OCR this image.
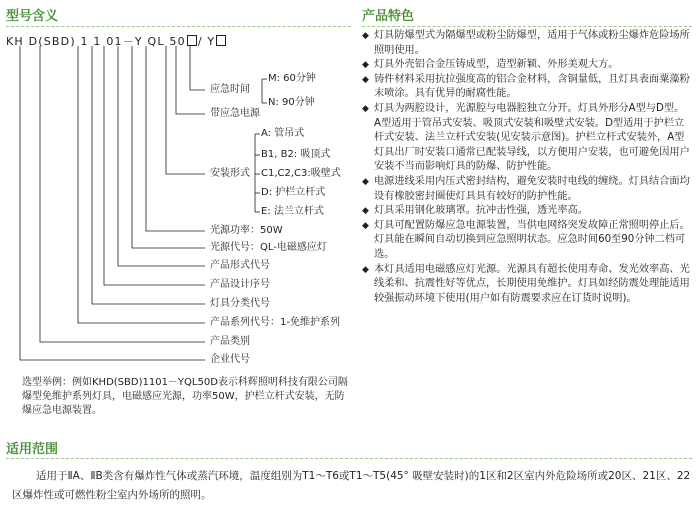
型号含义	产品特色
适用范围
KH D(SBD) 1 1 01－Y QL 50 / Y
应急时间
M: 60分钟
N: 90分钟
带应急电源
A: 管吊式
B1, B2: 吸顶式
安装形式 C1,C2,C3:吸壁式
D: 护栏立杆式
E: 法兰立杆式
光源功率：50W
光源代号：QL-电磁感应灯
产品形式代号
产品设计序号
灯具分类代号
产品系列代号：1-免维护系列
产品类别
企业代号
选型举例：例如KHD(SBD)1101－YQL50D表示科辉照明科技有限公司隔爆型免维护系列灯具，电磁感应光源，功率50W，护栏立杆式安装，无防爆应急电源装置。
◆ 灯具防爆型式为隔爆型或粉尘防爆型，适用于气体或粉尘爆炸危险场所照明使用。
◆ 灯具外壳铝合金压铸成型，造型新颖、外形美观大方。
◆ 铸件材料采用抗拉强度高的铝合金材料，含铜量低，且灯具表面粟藻粉末喷涂。具有优异的耐腐性能。
◆ 灯具为两腔设计，光源腔与电器腔独立分开。灯具外形分A型与D型。A型适用于管吊式安装、吸顶式安装和吸壁式安装。D型适用于护栏立杆式安装、法兰立杆式安装(见安装示意图)。护栏立杆式安装外，A型灯具出厂时安装口通常已配装导线，以方便用户安装，也可避免因用户安装不当而影响灯具的防爆、防护性能。
◆ 电源进线采用内压式密封结构，避免安装时电线的缠绕。灯具结合面均设有橡胶密封圈使灯具具有较好的防护性能。
◆ 灯具采用钢化玻璃罩。抗冲击性强，透光率高。
◆ 灯具可配置防爆应急电源装置，当供电网络突发故障正常照明停止后。灯具能在瞬间自动切换到应急照明状态。应急时间60至90分钟二档可选。
◆ 本灯具适用电磁感应灯光源。光源具有超长使用寿命、发光效率高、光线柔和、抗震性好等优点，长期使用免维护。灯具如经防震处理能适用较强振动环境下使用(用户如有防震要求应在订货时说明)。
适用于ⅡA、ⅡB类含有爆炸性气体或蒸汽环境，温度组别为T1～T6或T1～T5(45° 吸壁安装时)的1区和2区室内外危险场所或20区、21区、22区爆炸性或可燃性粉尘室内外场所的照明。
